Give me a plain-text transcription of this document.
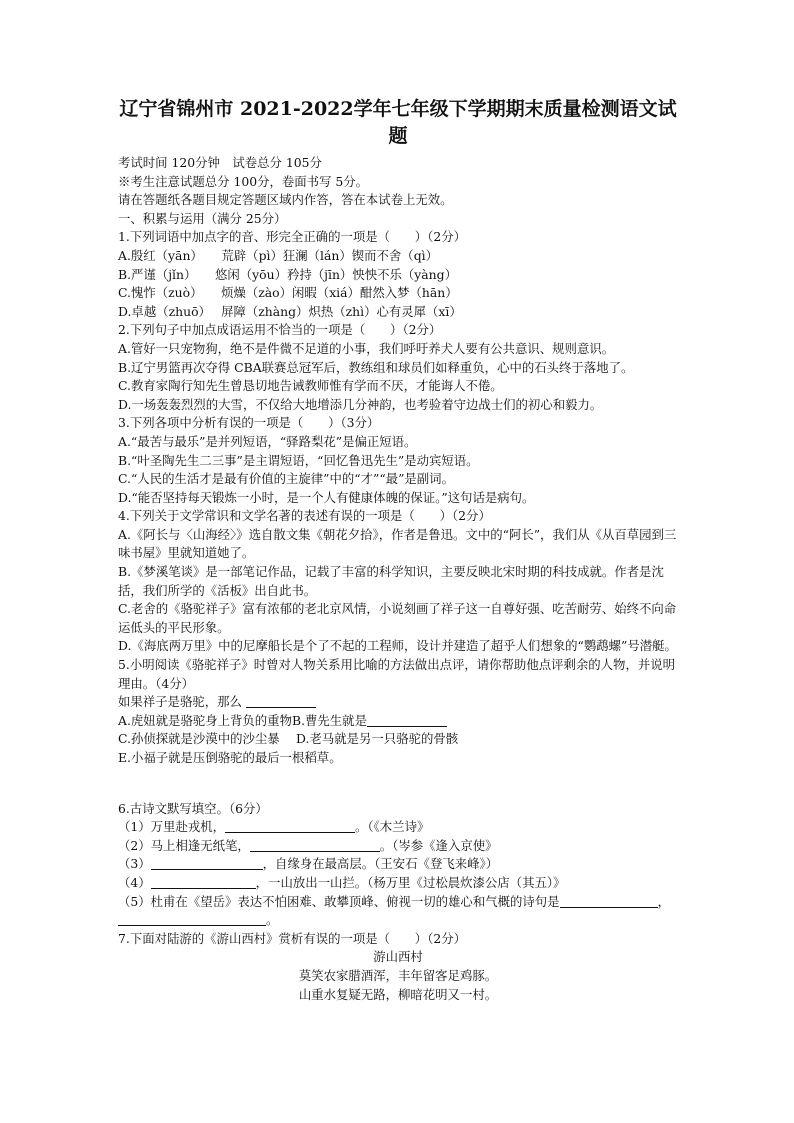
辽宁省锦州市 2021-2022学年七年级下学期期末质量检测语文试题
考试时间 120分钟　试卷总分 105分
※考生注意试题总分 100分，卷面书写 5分。
请在答题纸各题目规定答题区域内作答，答在本试卷上无效。
一、积累与运用（满分 25分）
1.下列词语中加点字的音、形完全正确的一项是（　　）（2分）
A.殷红（yān）　　荒辟（pì）狂澜（lán）锲而不舍（qì）
B.严谨（jǐn）　　悠闲（yōu）矜持（jīn）怏怏不乐（yàng）
C.愧怍（zuò）　　烦燥（zào）闲暇（xiá）酣然入梦（hān）
D.卓越（zhuō）　 屏障（zhàng）炽热（zhì）心有灵犀（xī）
2.下列句子中加点成语运用不恰当的一项是（　　）（2分）
A.管好一只宠物狗，绝不是件微不足道的小事，我们呼吁养犬人要有公共意识、规则意识。
B.辽宁男篮再次夺得 CBA联赛总冠军后，教练组和球员们如释重负，心中的石头终于落地了。
C.教育家陶行知先生曾恳切地告诫教师惟有学而不厌，才能诲人不倦。
D.一场轰轰烈烈的大雪，不仅给大地增添几分神韵，也考验着守边战士们的初心和毅力。
3.下列各项中分析有误的一项是（　　）（3分）
A.“最苦与最乐”是并列短语，“驿路梨花”是偏正短语。
B.“叶圣陶先生二三事”是主谓短语，“回忆鲁迅先生”是动宾短语。
C.“人民的生活才是最有价值的主旋律”中的“才”“最”是副词。
D.“能否坚持每天锻炼一小时，是一个人有健康体魄的保证。”这句话是病句。
4.下列关于文学常识和文学名著的表述有误的一项是（　　）（2分）
A.《阿长与〈山海经〉》选自散文集《朝花夕拾》，作者是鲁迅。文中的“阿长”，我们从《从百草园到三味书屋》里就知道她了。
B.《梦溪笔谈》是一部笔记作品，记载了丰富的科学知识，主要反映北宋时期的科技成就。作者是沈括，我们所学的《活板》出自此书。
C.老舍的《骆驼祥子》富有浓郁的老北京风情，小说刻画了祥子这一自尊好强、吃苦耐劳、始终不向命运低头的平民形象。
D.《海底两万里》中的尼摩船长是个了不起的工程师，设计并建造了超乎人们想象的“鹦鹉螺”号潜艇。
5.小明阅读《骆驼祥子》时曾对人物关系用比喻的方法做出点评，请你帮助他点评剩余的人物，并说明理由。（4分）
如果祥子是骆驼，那么
A.虎妞就是骆驼身上背负的重物B.曹先生就是
C.孙侦探就是沙漠中的沙尘暴　 D.老马就是另一只骆驼的骨骸
E.小福子就是压倒骆驼的最后一根稻草。
6.古诗文默写填空。（6分）
（1）万里赴戎机，	。（《木兰诗》
（2）马上相逢无纸笔，	。（岑参《逢入京使》
（3）	，自缘身在最高层。（王安石《登飞来峰》）
（4）	，一山放出一山拦。（杨万里《过松晨炊漆公店（其五）》
（5）杜甫在《望岳》表达不怕困难、敢攀顶峰、俯视一切的雄心和气概的诗句是	，。
7.下面对陆游的《游山西村》赏析有误的一项是（　　）（2分）
游山西村
莫笑农家腊酒浑，丰年留客足鸡豚。
山重水复疑无路，柳暗花明又一村。
